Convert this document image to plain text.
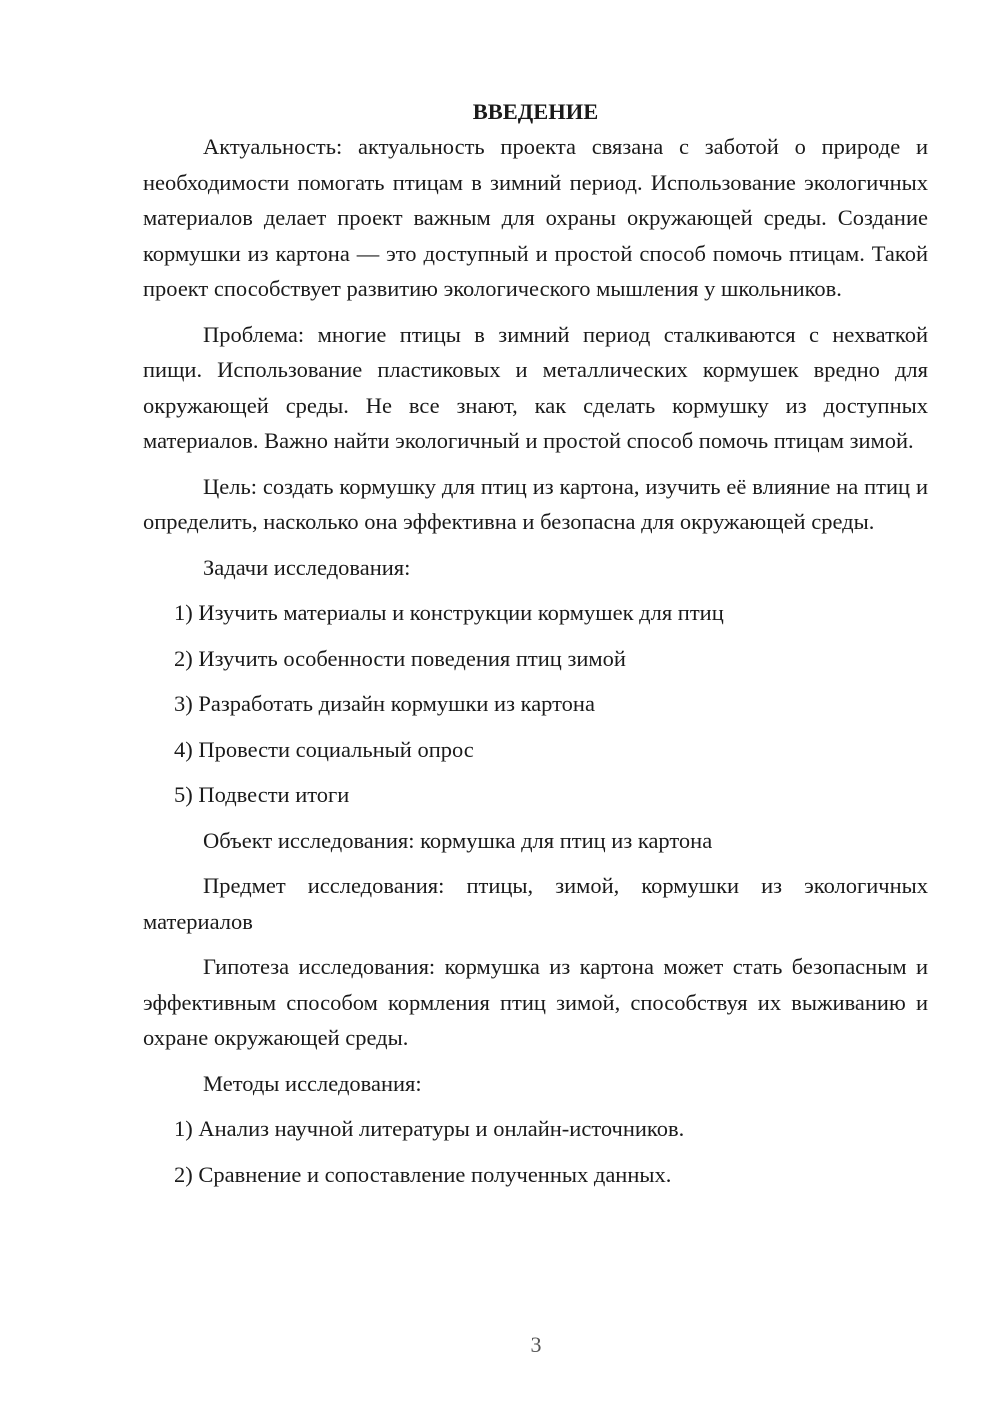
ВВЕДЕНИЕ

Актуальность: актуальность проекта связана с заботой о природе и необходимости помогать птицам в зимний период. Использование экологичных материалов делает проект важным для охраны окружающей среды. Создание кормушки из картона — это доступный и простой способ помочь птицам. Такой проект способствует развитию экологического мышления у школьников.

Проблема: многие птицы в зимний период сталкиваются с нехваткой пищи. Использование пластиковых и металлических кормушек вредно для окружающей среды. Не все знают, как сделать кормушку из доступных материалов. Важно найти экологичный и простой способ помочь птицам зимой.

Цель: создать кормушку для птиц из картона, изучить её влияние на птиц и определить, насколько она эффективна и безопасна для окружающей среды.

Задачи исследования:

1) Изучить материалы и конструкции кормушек для птиц

2) Изучить особенности поведения птиц зимой

3) Разработать дизайн кормушки из картона

4) Провести социальный опрос

5) Подвести итоги

Объект исследования: кормушка для птиц из картона

Предмет исследования: птицы, зимой, кормушки из экологичных материалов

Гипотеза исследования: кормушка из картона может стать безопасным и эффективным способом кормления птиц зимой, способствуя их выживанию и охране окружающей среды.

Методы исследования:

1) Анализ научной литературы и онлайн-источников.

2) Сравнение и сопоставление полученных данных.

3
